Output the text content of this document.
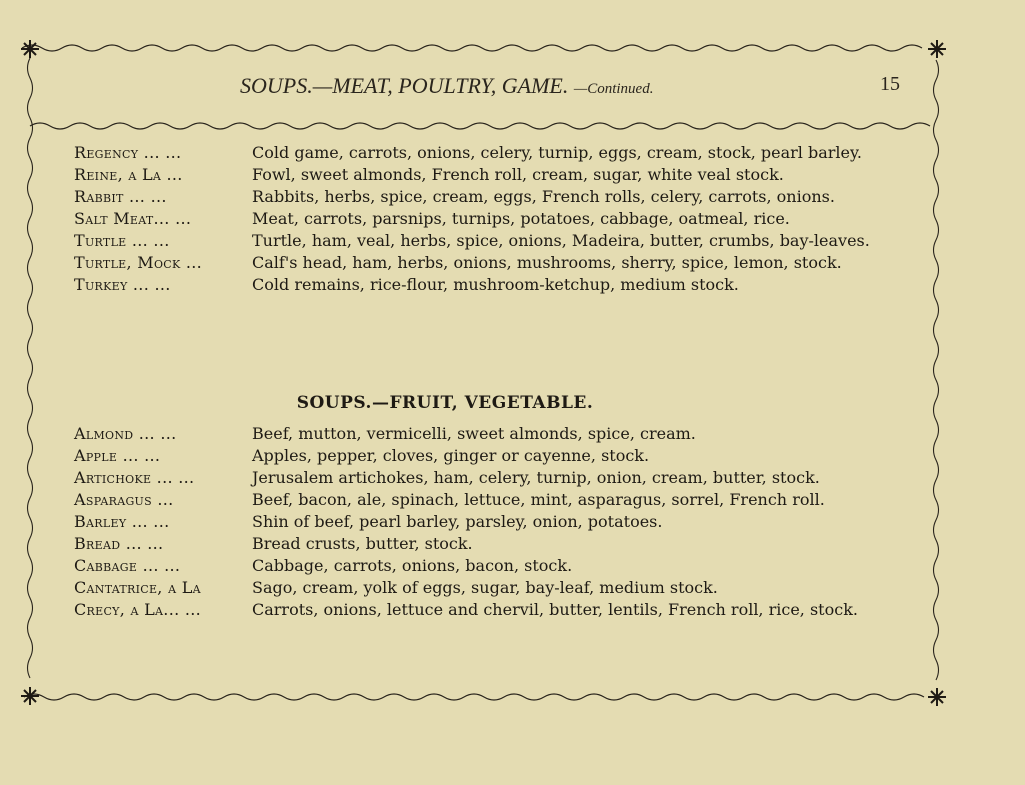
SOUPS.—MEAT, POULTRY, GAME. —Continued.	15
Regency ... ...	Cold game, carrots, onions, celery, turnip, eggs, cream, stock, pearl barley.
Reine, a La ...	Fowl, sweet almonds, French roll, cream, sugar, white veal stock.
Rabbit ... ...	Rabbits, herbs, spice, cream, eggs, French rolls, celery, carrots, onions.
Salt Meat... ...	Meat, carrots, parsnips, turnips, potatoes, cabbage, oatmeal, rice.
Turtle ... ...	Turtle, ham, veal, herbs, spice, onions, Madeira, butter, crumbs, bay-leaves.
Turtle, Mock ...	Calf's head, ham, herbs, onions, mushrooms, sherry, spice, lemon, stock.
Turkey ... ...	Cold remains, rice-flour, mushroom-ketchup, medium stock.
SOUPS.—FRUIT, VEGETABLE.
Almond ... ...	Beef, mutton, vermicelli, sweet almonds, spice, cream.
Apple ... ...	Apples, pepper, cloves, ginger or cayenne, stock.
Artichoke ... ...	Jerusalem artichokes, ham, celery, turnip, onion, cream, butter, stock.
Asparagus ...	Beef, bacon, ale, spinach, lettuce, mint, asparagus, sorrel, French roll.
Barley ... ...	Shin of beef, pearl barley, parsley, onion, potatoes.
Bread ... ...	Bread crusts, butter, stock.
Cabbage ... ...	Cabbage, carrots, onions, bacon, stock.
Cantatrice, a La	Sago, cream, yolk of eggs, sugar, bay-leaf, medium stock.
Crecy, a La... ...	Carrots, onions, lettuce and chervil, butter, lentils, French roll, rice, stock.
